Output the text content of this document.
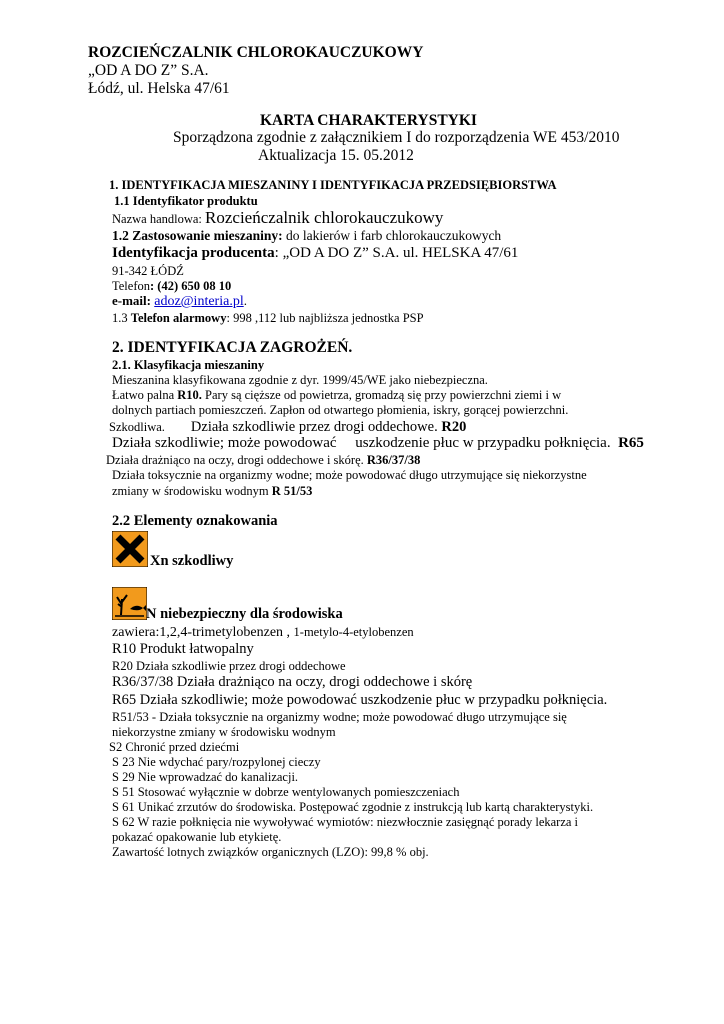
ROZCIEŃCZALNIK CHLOROKAUCZUKOWY
„OD A DO Z” S.A.
Łódź, ul. Helska 47/61
KARTA CHARAKTERYSTYKI
Sporządzona zgodnie z załącznikiem I do rozporządzenia WE 453/2010
Aktualizacja 15. 05.2012
1. IDENTYFIKACJA MIESZANINY I IDENTYFIKACJA PRZEDSIĘBIORSTWA
1.1 Identyfikator produktu
Nazwa handlowa: Rozcieńczalnik chlorokauczukowy
1.2 Zastosowanie mieszaniny: do lakierów i farb chlorokauczukowych
Identyfikacja producenta: „OD A DO Z” S.A. ul. HELSKA 47/61
91-342 ŁÓDŹ
Telefon: (42) 650 08 10
e-mail: adoz@interia.pl.
1.3 Telefon alarmowy: 998 ,112 lub najbliższa jednostka PSP
2. IDENTYFIKACJA ZAGROŻEŃ.
2.1. Klasyfikacja mieszaniny
Mieszanina klasyfikowana zgodnie z dyr. 1999/45/WE jako niebezpieczna.
Łatwo palna R10. Pary są cięższe od powietrza, gromadzą się przy powierzchni ziemi i w
dolnych partiach pomieszczeń. Zapłon od otwartego płomienia, iskry, gorącej powierzchni.
Szkodliwa. Działa szkodliwie przez drogi oddechowe. R20
Działa szkodliwie; może powodować     uszkodzenie płuc w przypadku połknięcia.  R65
Działa drażniąco na oczy, drogi oddechowe i skórę. R36/37/38
Działa toksycznie na organizmy wodne; może powodować długo utrzymujące się niekorzystne
zmiany w środowisku wodnym R 51/53
2.2 Elementy oznakowania
Xn szkodliwy
N niebezpieczny dla środowiska
zawiera:1,2,4-trimetylobenzen , 1-metylo-4-etylobenzen
R10 Produkt łatwopalny
R20 Działa szkodliwie przez drogi oddechowe
R36/37/38 Działa drażniąco na oczy, drogi oddechowe i skórę
R65 Działa szkodliwie; może powodować uszkodzenie płuc w przypadku połknięcia.
R51/53 - Działa toksycznie na organizmy wodne; może powodować długo utrzymujące się
niekorzystne zmiany w środowisku wodnym
S2 Chronić przed dziećmi
S 23 Nie wdychać pary/rozpylonej cieczy
S 29 Nie wprowadzać do kanalizacji.
S 51 Stosować wyłącznie w dobrze wentylowanych pomieszczeniach
S 61 Unikać zrzutów do środowiska. Postępować zgodnie z instrukcją lub kartą charakterystyki.
S 62 W razie połknięcia nie wywoływać wymiotów: niezwłocznie zasięgnąć porady lekarza i
pokazać opakowanie lub etykietę.
Zawartość lotnych związków organicznych (LZO): 99,8 % obj.
